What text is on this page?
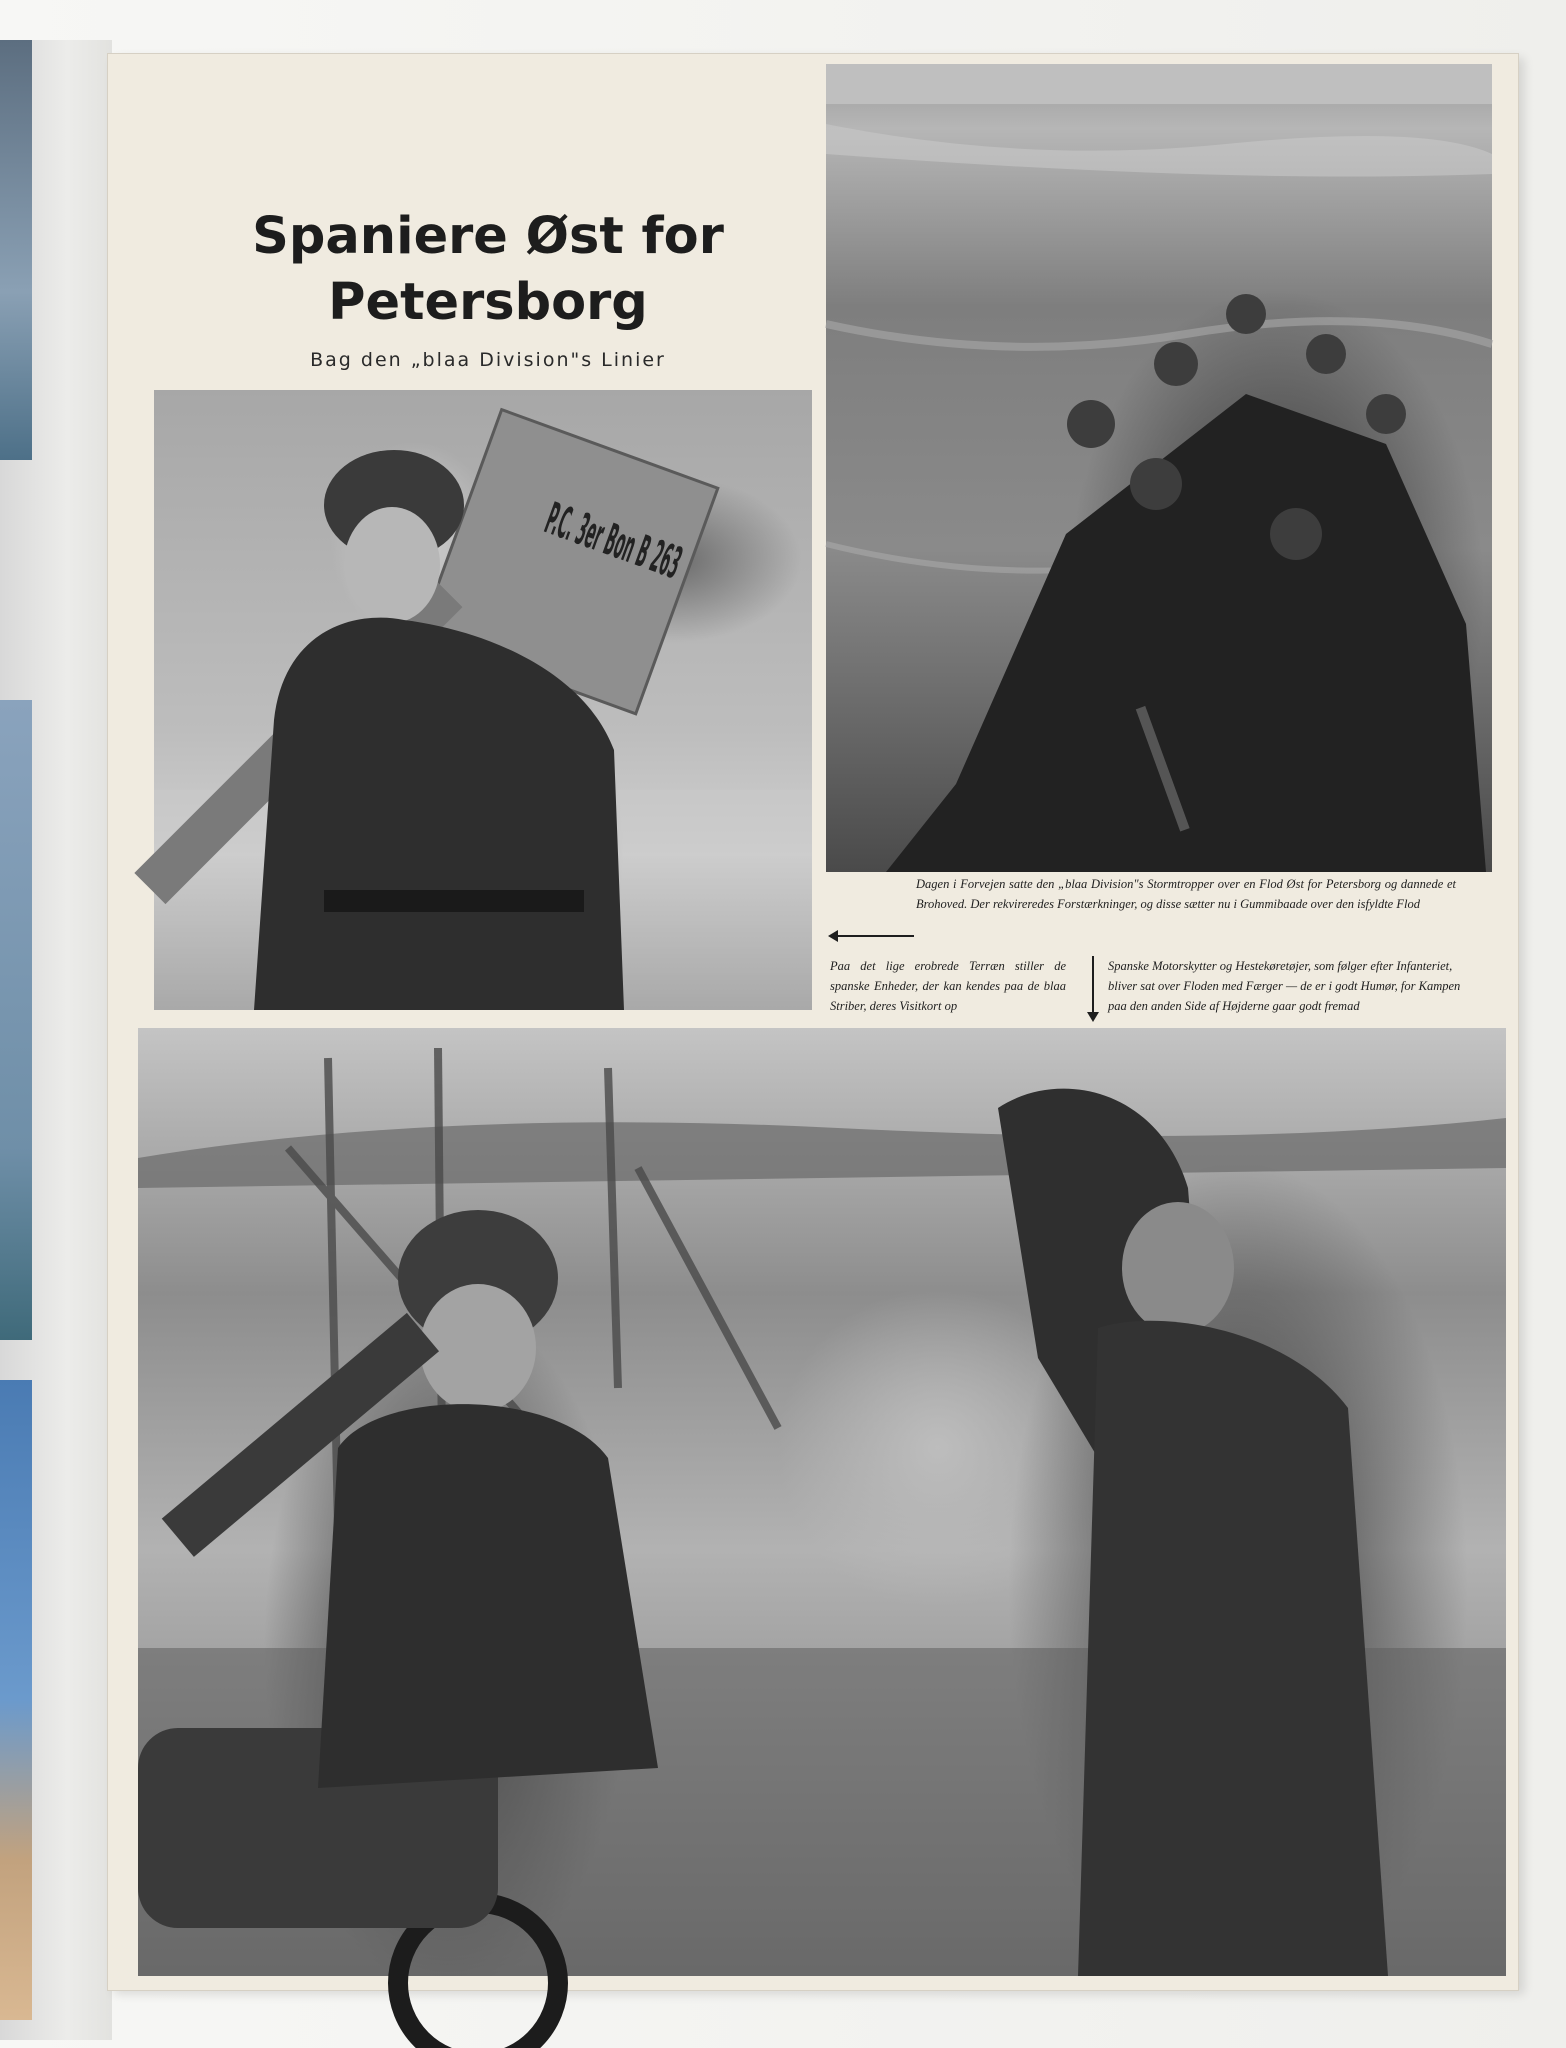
Spaniere Øst for Petersborg
Bag den „blaa Division"s Linier
P.C. 3er Bon B 263

Dagen i Forvejen satte den „blaa Division"s Stormtropper over en Flod Øst for Petersborg og dannede et Brohoved. Der rekvireredes Forstærkninger, og disse sætter nu i Gummibaade over den isfyldte Flod

Paa det lige erobrede Terræn stiller de spanske Enheder, der kan kendes paa de blaa Striber, deres Visitkort op

Spanske Motorskytter og Hestekøretøjer, som følger efter Infanteriet, bliver sat over Floden med Færger — de er i godt Humør, for Kampen paa den anden Side af Højderne gaar godt fremad
